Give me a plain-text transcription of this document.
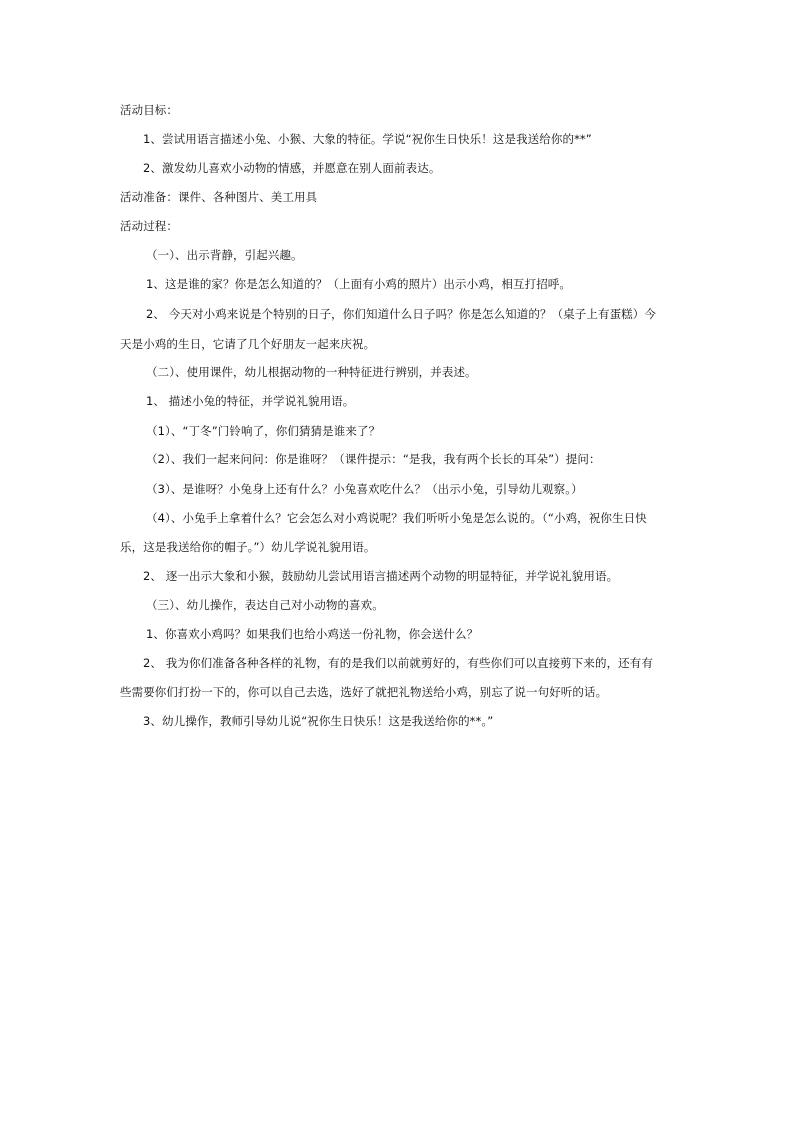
活动目标：
1、尝试用语言描述小兔、小猴、大象的特征。学说“祝你生日快乐！这是我送给你的**”
2、激发幼儿喜欢小动物的情感，并愿意在别人面前表达。
活动准备：课件、各种图片、美工用具
活动过程：
（一）、出示背静，引起兴趣。
1、这是谁的家？你是怎么知道的？（上面有小鸡的照片）出示小鸡，相互打招呼。
2、 今天对小鸡来说是个特别的日子，你们知道什么日子吗？你是怎么知道的？（桌子上有蛋糕）今
天是小鸡的生日，它请了几个好朋友一起来庆祝。
（二）、使用课件，幼儿根据动物的一种特征进行辨别，并表述。
1、 描述小兔的特征，并学说礼貌用语。
（1）、“丁冬”门铃响了，你们猜猜是谁来了？
（2）、我们一起来问问：你是谁呀？（课件提示：“是我，我有两个长长的耳朵”）提问：
（3）、是谁呀？小兔身上还有什么？小兔喜欢吃什么？（出示小兔，引导幼儿观察。）
（4）、小兔手上拿着什么？它会怎么对小鸡说呢？我们听听小兔是怎么说的。（“小鸡，祝你生日快
乐，这是我送给你的帽子。”）幼儿学说礼貌用语。
2、 逐一出示大象和小猴，鼓励幼儿尝试用语言描述两个动物的明显特征，并学说礼貌用语。
（三）、幼儿操作，表达自己对小动物的喜欢。
1、你喜欢小鸡吗？如果我们也给小鸡送一份礼物，你会送什么？
2、 我为你们准备各种各样的礼物，有的是我们以前就剪好的，有些你们可以直接剪下来的，还有有
些需要你们打扮一下的，你可以自己去选，选好了就把礼物送给小鸡，别忘了说一句好听的话。
3、幼儿操作，教师引导幼儿说“祝你生日快乐！这是我送给你的**。”
